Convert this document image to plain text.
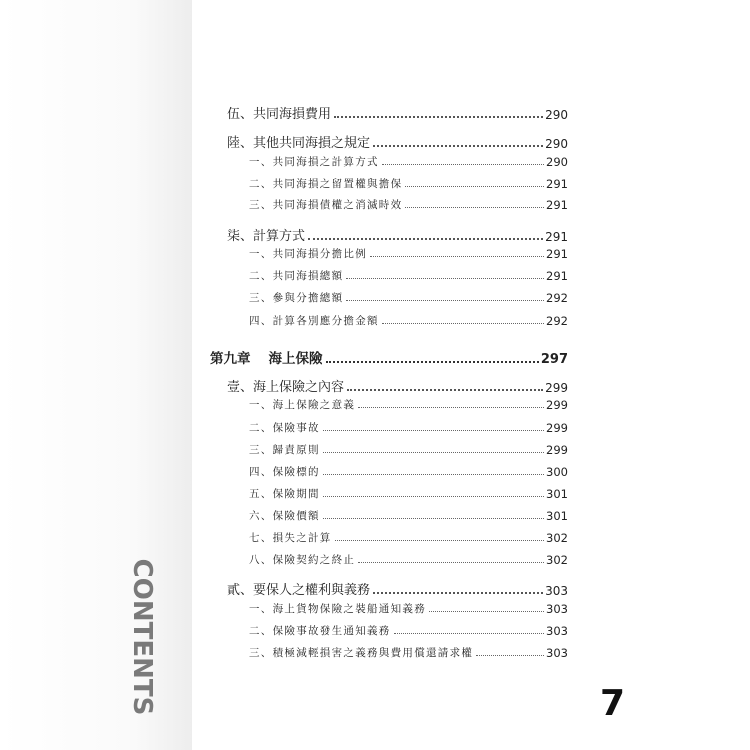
CONTENTS
伍、共同海損費用	290
陸、其他共同海損之規定	290
一、共同海損之計算方式	290
二、共同海損之留置權與擔保	291
三、共同海損債權之消滅時效	291
柒、計算方式	291
一、共同海損分擔比例	291
二、共同海損總額	291
三、參與分擔總額	292
四、計算各別應分擔金額	292
第九章 海上保險	297
壹、海上保險之內容	299
一、海上保險之意義	299
二、保險事故	299
三、歸責原則	299
四、保險標的	300
五、保險期間	301
六、保險價額	301
七、損失之計算	302
八、保險契約之終止	302
貳、要保人之權利與義務	303
一、海上貨物保險之裝船通知義務	303
二、保險事故發生通知義務	303
三、積極減輕損害之義務與費用償還請求權	303
7
